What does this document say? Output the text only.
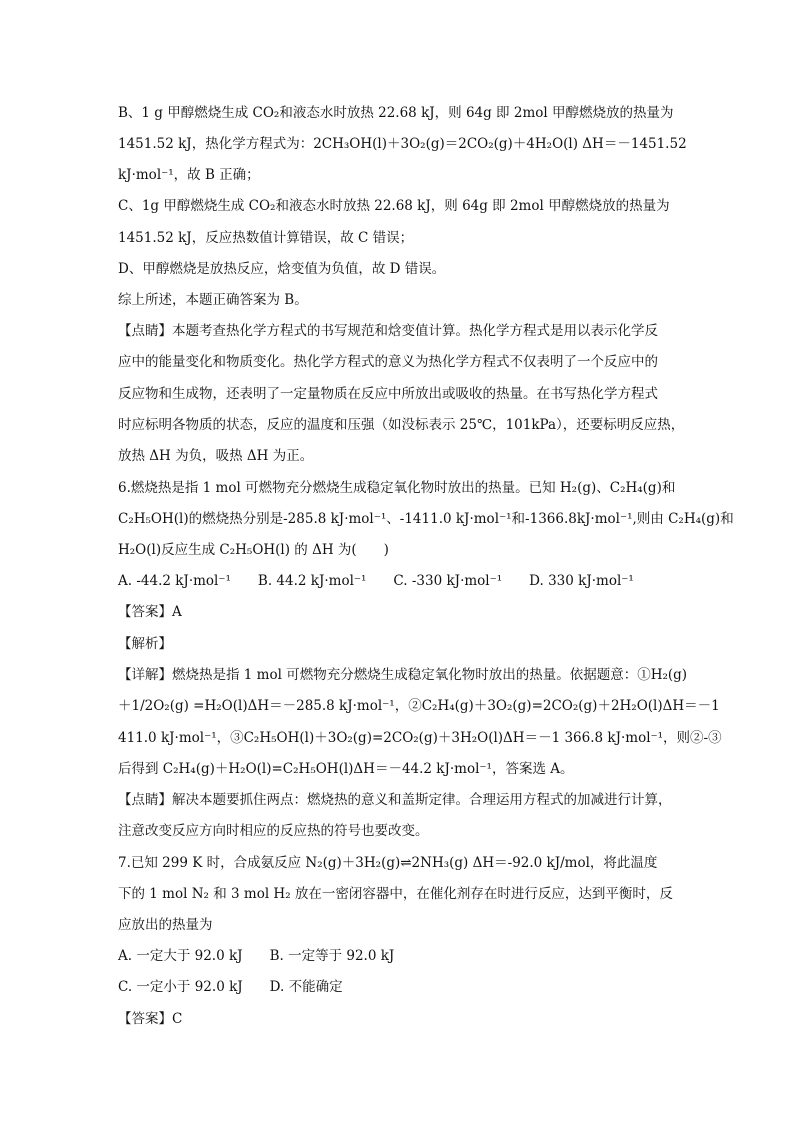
B、1 g 甲醇燃烧生成 CO₂和液态水时放热 22.68 kJ，则 64g 即 2mol 甲醇燃烧放的热量为
1451.52 kJ，热化学方程式为：2CH₃OH(l)＋3O₂(g)＝2CO₂(g)＋4H₂O(l) ΔH＝－1451.52
kJ·mol⁻¹，故 B 正确；
C、1g 甲醇燃烧生成 CO₂和液态水时放热 22.68 kJ，则 64g 即 2mol 甲醇燃烧放的热量为
1451.52 kJ，反应热数值计算错误，故 C 错误；
D、甲醇燃烧是放热反应，焓变值为负值，故 D 错误。
综上所述，本题正确答案为 B。
【点睛】本题考查热化学方程式的书写规范和焓变值计算。热化学方程式是用以表示化学反
应中的能量变化和物质变化。热化学方程式的意义为热化学方程式不仅表明了一个反应中的
反应物和生成物，还表明了一定量物质在反应中所放出或吸收的热量。在书写热化学方程式
时应标明各物质的状态，反应的温度和压强（如没标表示 25℃，101kPa），还要标明反应热，
放热 ΔH 为负，吸热 ΔH 为正。
6.燃烧热是指 1 mol 可燃物充分燃烧生成稳定氧化物时放出的热量。已知 H₂(g)、C₂H₄(g)和
C₂H₅OH(l)的燃烧热分别是-285.8 kJ·mol⁻¹、-1411.0 kJ·mol⁻¹和-1366.8kJ·mol⁻¹,则由 C₂H₄(g)和
H₂O(l)反应生成 C₂H₅OH(l) 的 ΔH 为(　　)
A. -44.2 kJ·mol⁻¹　　B. 44.2 kJ·mol⁻¹　　C. -330 kJ·mol⁻¹　　D. 330 kJ·mol⁻¹
【答案】A
【解析】
【详解】燃烧热是指 1 mol 可燃物充分燃烧生成稳定氧化物时放出的热量。依据题意：①H₂(g)
＋1/2O₂(g) =H₂O(l)ΔH＝－285.8 kJ·mol⁻¹，②C₂H₄(g)＋3O₂(g)=2CO₂(g)＋2H₂O(l)ΔH＝－1
411.0 kJ·mol⁻¹，③C₂H₅OH(l)＋3O₂(g)=2CO₂(g)＋3H₂O(l)ΔH＝－1 366.8 kJ·mol⁻¹，则②-③
后得到 C₂H₄(g)＋H₂O(l)=C₂H₅OH(l)ΔH＝－44.2 kJ·mol⁻¹，答案选 A。
【点睛】解决本题要抓住两点：燃烧热的意义和盖斯定律。合理运用方程式的加减进行计算，
注意改变反应方向时相应的反应热的符号也要改变。
7.已知 299 K 时，合成氨反应 N₂(g)＋3H₂(g)⇌2NH₃(g) ΔH＝-92.0 kJ/mol，将此温度
下的 1 mol N₂ 和 3 mol H₂ 放在一密闭容器中，在催化剂存在时进行反应，达到平衡时，反
应放出的热量为
A. 一定大于 92.0 kJ　　B. 一定等于 92.0 kJ
C. 一定小于 92.0 kJ　　D. 不能确定
【答案】C
